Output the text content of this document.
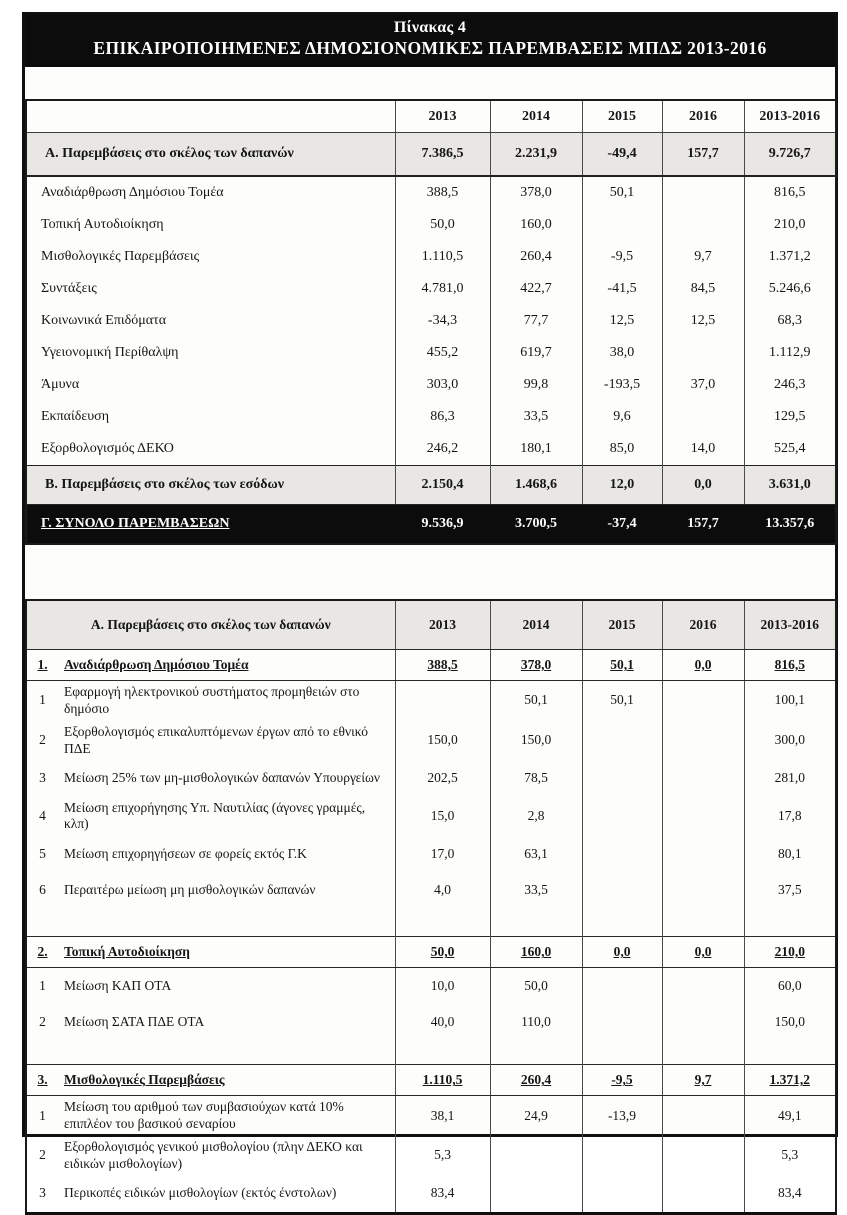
Πίνακας 4
ΕΠΙΚΑΙΡΟΠΟΙΗΜΕΝΕΣ ΔΗΜΟΣΙΟΝΟΜΙΚΕΣ ΠΑΡΕΜΒΑΣΕΙΣ ΜΠΔΣ 2013-2016
	2013	2014	2015	2016	2013-2016
Α. Παρεμβάσεις στο σκέλος των δαπανών	7.386,5	2.231,9	-49,4	157,7	9.726,7
Αναδιάρθρωση Δημόσιου Τομέα	388,5	378,0	50,1		816,5
Τοπική Αυτοδιοίκηση	50,0	160,0			210,0
Μισθολογικές Παρεμβάσεις	1.110,5	260,4	-9,5	9,7	1.371,2
Συντάξεις	4.781,0	422,7	-41,5	84,5	5.246,6
Κοινωνικά Επιδόματα	-34,3	77,7	12,5	12,5	68,3
Υγειονομική Περίθαλψη	455,2	619,7	38,0		1.112,9
Άμυνα	303,0	99,8	-193,5	37,0	246,3
Εκπαίδευση	86,3	33,5	9,6		129,5
Εξορθολογισμός ΔΕΚΟ	246,2	180,1	85,0	14,0	525,4
Β. Παρεμβάσεις στο σκέλος των εσόδων	2.150,4	1.468,6	12,0	0,0	3.631,0
Γ. ΣΥΝΟΛΟ ΠΑΡΕΜΒΑΣΕΩΝ	9.536,9	3.700,5	-37,4	157,7	13.357,6
Α. Παρεμβάσεις στο σκέλος των δαπανών		2013	2014	2015	2016	2013-2016
1.	Αναδιάρθρωση Δημόσιου Τομέα	388,5	378,0	50,1	0,0	816,5
1	Εφαρμογή ηλεκτρονικού συστήματος προμηθειών στο δημόσιο		50,1	50,1		100,1
2	Εξορθολογισμός επικαλυπτόμενων έργων από το εθνικό ΠΔΕ	150,0	150,0			300,0
3	Μείωση 25% των μη-μισθολογικών δαπανών Υπουργείων	202,5	78,5			281,0
4	Μείωση επιχορήγησης Υπ. Ναυτιλίας (άγονες γραμμές, κλπ)	15,0	2,8			17,8
5	Μείωση επιχορηγήσεων σε φορείς εκτός Γ.Κ	17,0	63,1			80,1
6	Περαιτέρω μείωση μη μισθολογικών δαπανών	4,0	33,5			37,5

2.	Τοπική Αυτοδιοίκηση	50,0	160,0	0,0	0,0	210,0
1	Μείωση ΚΑΠ ΟΤΑ	10,0	50,0			60,0
2	Μείωση ΣΑΤΑ ΠΔΕ ΟΤΑ	40,0	110,0			150,0

3.	Μισθολογικές Παρεμβάσεις	1.110,5	260,4	-9,5	9,7	1.371,2
1	Μείωση του αριθμού των συμβασιούχων κατά 10% επιπλέον του βασικού σεναρίου	38,1	24,9	-13,9		49,1
2	Εξορθολογισμός γενικού μισθολογίου (πλην ΔΕΚΟ και ειδικών μισθολογίων)	5,3				5,3
3	Περικοπές ειδικών μισθολογίων (εκτός ένστολων)	83,4				83,4
